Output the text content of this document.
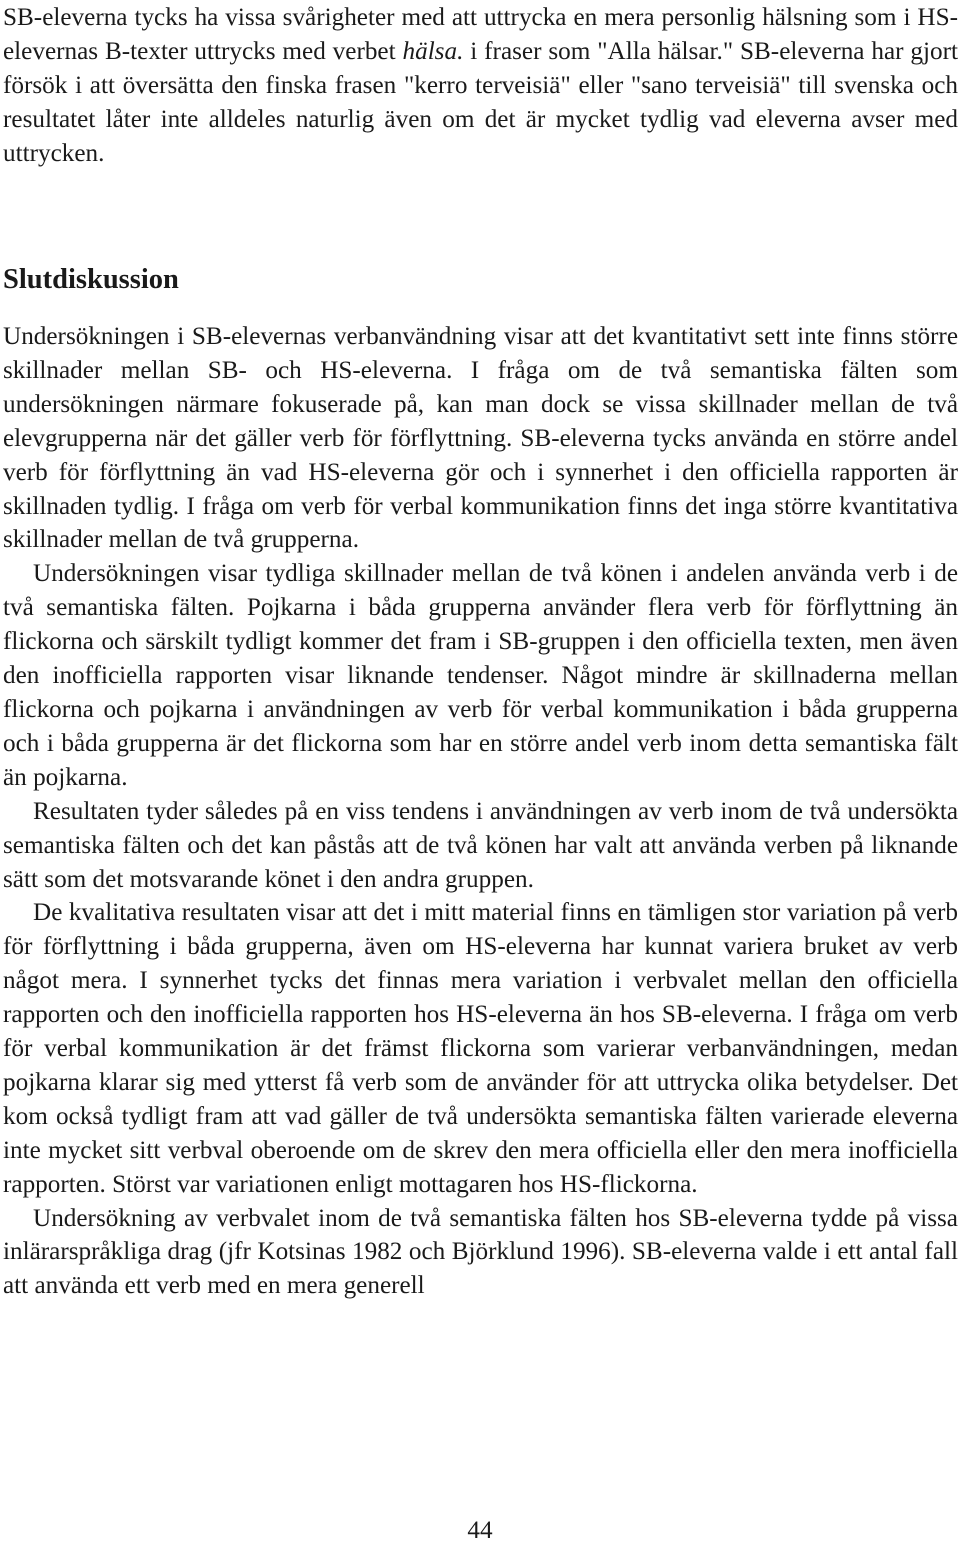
SB-eleverna tycks ha vissa svårigheter med att uttrycka en mera personlig hälsning som i HS-elevernas B-texter uttrycks med verbet hälsa. i fraser som "Alla hälsar." SB-eleverna har gjort försök i att översätta den finska frasen "kerro terveisiä" eller "sano terveisiä" till svenska och resultatet låter inte alldeles naturlig även om det är mycket tydlig vad eleverna avser med uttrycken.

Slutdiskussion

Undersökningen i SB-elevernas verbanvändning visar att det kvantitativt sett inte finns större skillnader mellan SB- och HS-eleverna. I fråga om de två semantiska fälten som undersökningen närmare fokuserade på, kan man dock se vissa skillnader mellan de två elevgrupperna när det gäller verb för förflyttning. SB-eleverna tycks använda en större andel verb för förflyttning än vad HS-eleverna gör och i synnerhet i den officiella rapporten är skillnaden tydlig. I fråga om verb för verbal kommunikation finns det inga större kvantitativa skillnader mellan de två grupperna.

Undersökningen visar tydliga skillnader mellan de två könen i andelen använda verb i de två semantiska fälten. Pojkarna i båda grupperna använder flera verb för förflyttning än flickorna och särskilt tydligt kommer det fram i SB-gruppen i den officiella texten, men även den inofficiella rapporten visar liknande tendenser. Något mindre är skillnaderna mellan flickorna och pojkarna i användningen av verb för verbal kommunikation i båda grupperna och i båda grupperna är det flickorna som har en större andel verb inom detta semantiska fält än pojkarna.

Resultaten tyder således på en viss tendens i användningen av verb inom de två undersökta semantiska fälten och det kan påstås att de två könen har valt att använda verben på liknande sätt som det motsvarande könet i den andra gruppen.

De kvalitativa resultaten visar att det i mitt material finns en tämligen stor variation på verb för förflyttning i båda grupperna, även om HS-eleverna har kunnat variera bruket av verb något mera. I synnerhet tycks det finnas mera variation i verbvalet mellan den officiella rapporten och den inofficiella rapporten hos HS-eleverna än hos SB-eleverna. I fråga om verb för verbal kommunikation är det främst flickorna som varierar verbanvändningen, medan pojkarna klarar sig med ytterst få verb som de använder för att uttrycka olika betydelser. Det kom också tydligt fram att vad gäller de två undersökta semantiska fälten varierade eleverna inte mycket sitt verbval oberoende om de skrev den mera officiella eller den mera inofficiella rapporten. Störst var variationen enligt mottagaren hos HS-flickorna.

Undersökning av verbvalet inom de två semantiska fälten hos SB-eleverna tydde på vissa inlärarspråkliga drag (jfr Kotsinas 1982 och Björklund 1996). SB-eleverna valde i ett antal fall att använda ett verb med en mera generell

44
